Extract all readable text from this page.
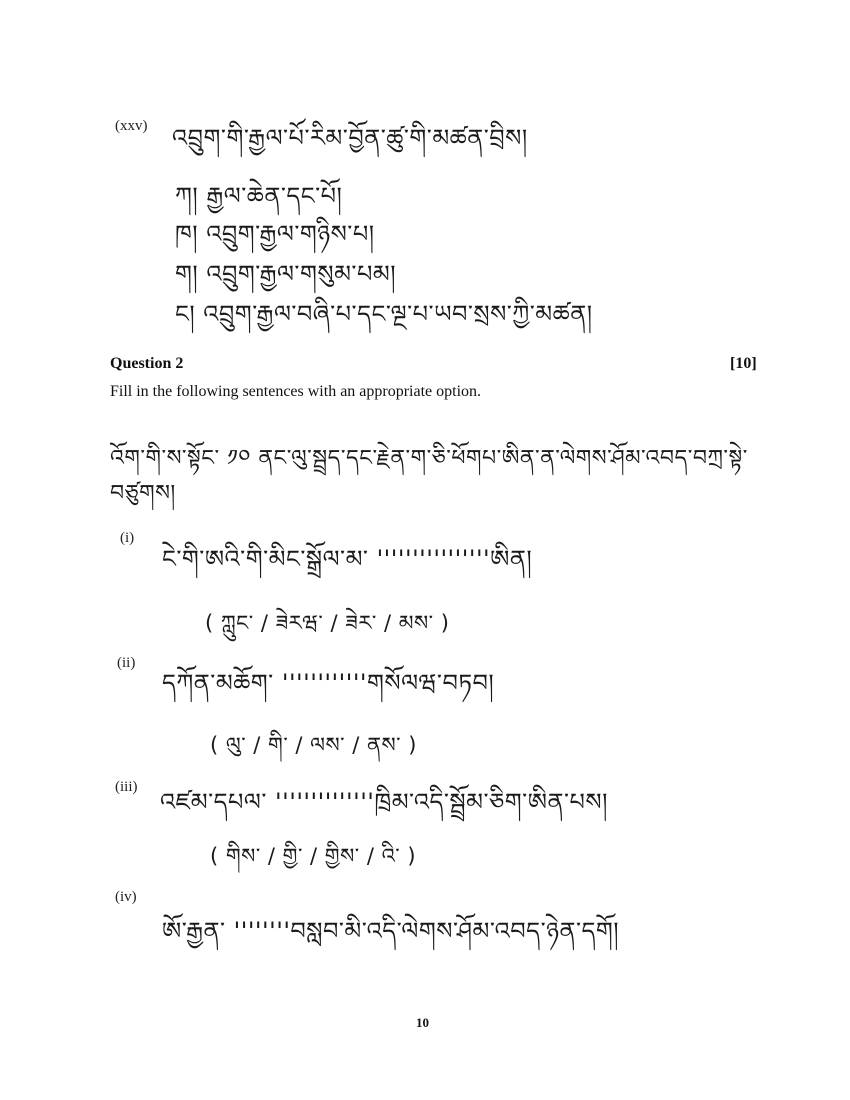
(xxv) འབྲུག་གི་རྒྱལ་པོ་རིམ་བྱོན་ཚུ་གི་མཚན་བྲིས།
ཀ། རྒྱལ་ཆེན་དང་པོ།
ཁ། འབྲུག་རྒྱལ་གཉིས་པ།
ག། འབྲུག་རྒྱལ་གསུམ་པམ།
ང། འབྲུག་རྒྱལ་བཞི་པ་དང་ལྔ་པ་ཡབ་སྲས་ཀྱི་མཚན།
Question 2	[10]
Fill in the following sentences with an appropriate option.
འོག་གི་ས་སྟོང་ ༡༠ ནང་ལུ་སྦྲད་དང་རྗེན་ག་ཅི་ཕོགཔ་ཨིན་ན་ལེགས་ཤོམ་འབད་བཀྲ་སྟེ་
བཙུགས།
(i)
ངེ་གི་ཨའི་གི་མིང་སྒྲོལ་མ་ ''''''''''''''''ཨིན།
( ཀླུང་ / ཟེརཝ་ / ཟེར་ / མས་ )
(ii)
དཀོན་མཆོག་ ''''''''''''གསོལཝ་བཏབ།
( ལུ་ / གི་ / ལས་ / ནས་ )
(iii)
འཛམ་དཔལ་ ''''''''''''''ཁྲིམ་འདི་སྦྲོམ་ཅིག་ཨིན་པས།
( གིས་ / གྱི་ / གྱིས་ / འི་ )
(iv)
ཨོ་རྒྱན་ ''''''''བསླབ་མི་འདི་ལེགས་ཤོམ་འབད་ཉེན་དགོ།
10
